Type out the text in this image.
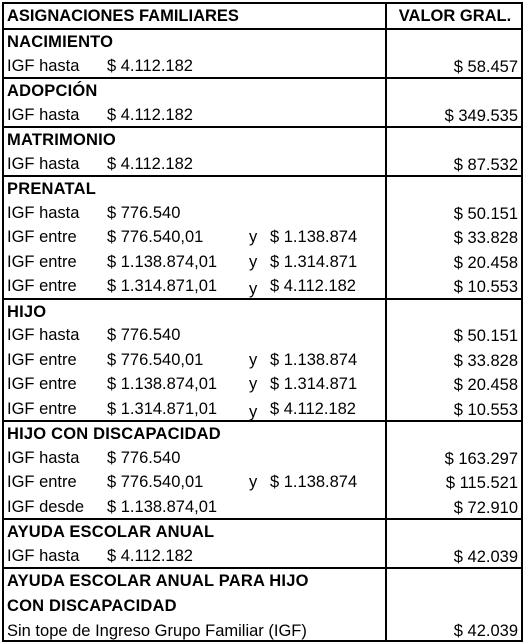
ASIGNACIONES FAMILIARES	VALOR GRAL.
NACIMIENTO
IGF hasta $ 4.112.182	$ 58.457
ADOPCIÓN
IGF hasta $ 4.112.182	$ 349.535
MATRIMONIO
IGF hasta $ 4.112.182	$ 87.532
PRENATAL
IGF hasta $ 776.540	$ 50.151
IGF entre $ 776.540,01	y $ 1.138.874	$ 33.828
IGF entre $ 1.138.874,01 y $ 1.314.871	$ 20.458
IGF entre $ 1.314.871,01 y $ 4.112.182	$ 10.553
HIJO
IGF hasta $ 776.540	$ 50.151
IGF entre $ 776.540,01	y $ 1.138.874	$ 33.828
IGF entre $ 1.138.874,01 y $ 1.314.871	$ 20.458
IGF entre $ 1.314.871,01 y $ 4.112.182	$ 10.553
HIJO CON DISCAPACIDAD
IGF hasta $ 776.540	$ 163.297
IGF entre $ 776.540,01	y $ 1.138.874	$ 115.521
IGF desde $ 1.138.874,01	$ 72.910
AYUDA ESCOLAR ANUAL
IGF hasta $ 4.112.182	$ 42.039
AYUDA ESCOLAR ANUAL PARA HIJO
CON DISCAPACIDAD
Sin tope de Ingreso Grupo Familiar (IGF)	$ 42.039
